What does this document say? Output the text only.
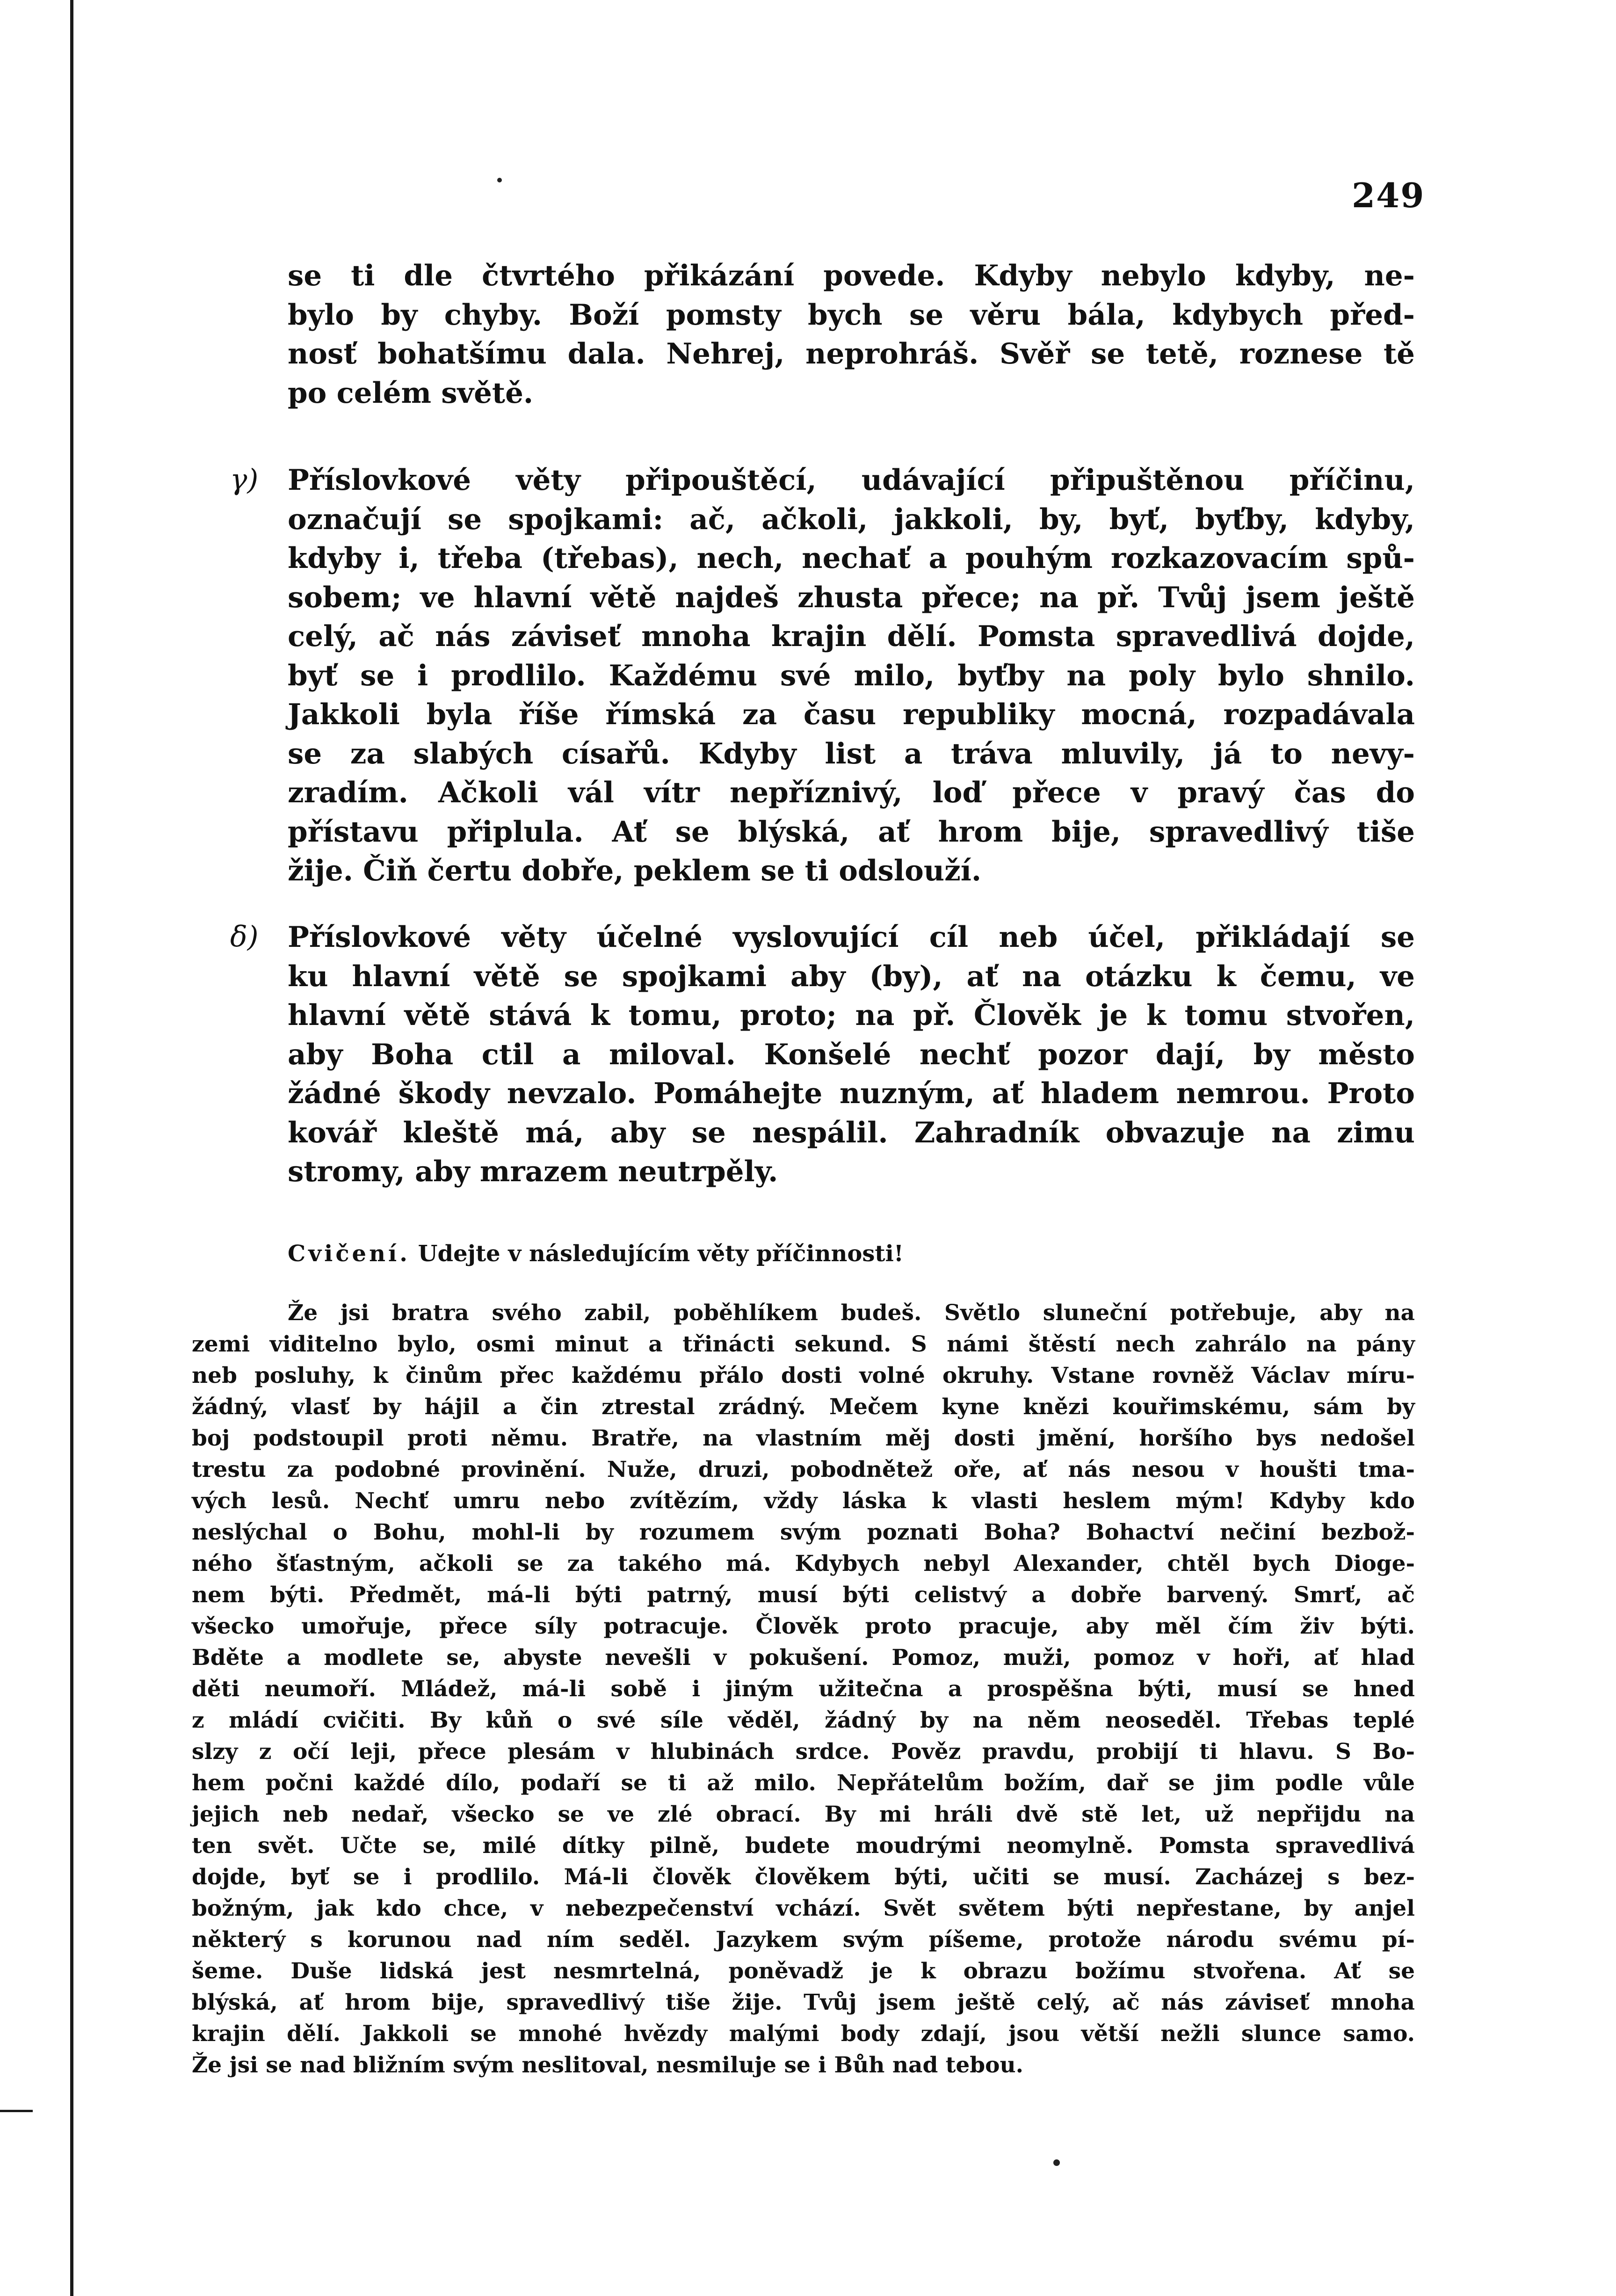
249
se ti dle čtvrtého přikázání povede. Kdyby nebylo kdyby, ne-
bylo by chyby. Boží pomsty bych se věru bála, kdybych před-
nosť bohatšímu dala. Nehrej, neprohráš. Svěř se tetě, roznese tě
po celém světě.
γ) Příslovkové věty připouštěcí, udávající připuštěnou příčinu,
označují se spojkami: ač, ačkoli, jakkoli, by, byť, byťby, kdyby,
kdyby i, třeba (třebas), nech, nechať a pouhým rozkazovacím spů-
sobem; ve hlavní větě najdeš zhusta přece; na př. Tvůj jsem ještě
celý, ač nás záviseť mnoha krajin dělí. Pomsta spravedlivá dojde,
byť se i prodlilo. Každému své milo, byťby na poly bylo shnilo.
Jakkoli byla říše římská za času republiky mocná, rozpadávala
se za slabých císařů. Kdyby list a tráva mluvily, já to nevy-
zradím. Ačkoli vál vítr nepříznivý, loď přece v pravý čas do
přístavu připlula. Ať se blýská, ať hrom bije, spravedlivý tiše
žije. Čiň čertu dobře, peklem se ti odslouží.
δ) Příslovkové věty účelné vyslovující cíl neb účel, přikládají se
ku hlavní větě se spojkami aby (by), ať na otázku k čemu, ve
hlavní větě stává k tomu, proto; na př. Člověk je k tomu stvořen,
aby Boha ctil a miloval. Konšelé nechť pozor dají, by město
žádné škody nevzalo. Pomáhejte nuzným, ať hladem nemrou. Proto
kovář kleště má, aby se nespálil. Zahradník obvazuje na zimu
stromy, aby mrazem neutrpěly.
Cvičení. Udejte v následujícím věty příčinnosti!
Že jsi bratra svého zabil, poběhlíkem budeš. Světlo sluneční potřebuje, aby na
zemi viditelno bylo, osmi minut a třinácti sekund. S námi štěstí nech zahrálo na pány
neb posluhy, k činům přec každému přálo dosti volné okruhy. Vstane rovněž Václav míru-
žádný, vlasť by hájil a čin ztrestal zrádný. Mečem kyne knězi kouřimskému, sám by
boj podstoupil proti němu. Bratře, na vlastním měj dosti jmění, horšího bys nedošel
trestu za podobné provinění. Nuže, druzi, pobodnětež oře, ať nás nesou v houšti tma-
vých lesů. Nechť umru nebo zvítězím, vždy láska k vlasti heslem mým! Kdyby kdo
neslýchal o Bohu, mohl-li by rozumem svým poznati Boha? Bohactví nečiní bezbož-
ného šťastným, ačkoli se za takého má. Kdybych nebyl Alexander, chtěl bych Dioge-
nem býti. Předmět, má-li býti patrný, musí býti celistvý a dobře barvený. Smrť, ač
všecko umořuje, přece síly potracuje. Člověk proto pracuje, aby měl čím živ býti.
Bděte a modlete se, abyste nevešli v pokušení. Pomoz, muži, pomoz v hoři, ať hlad
děti neumoří. Mládež, má-li sobě i jiným užitečna a prospěšna býti, musí se hned
z mládí cvičiti. By kůň o své síle věděl, žádný by na něm neoseděl. Třebas teplé
slzy z očí leji, přece plesám v hlubinách srdce. Pověz pravdu, probijí ti hlavu. S Bo-
hem počni každé dílo, podaří se ti až milo. Nepřátelům božím, dař se jim podle vůle
jejich neb nedař, všecko se ve zlé obrací. By mi hráli dvě stě let, už nepřijdu na
ten svět. Učte se, milé dítky pilně, budete moudrými neomylně. Pomsta spravedlivá
dojde, byť se i prodlilo. Má-li člověk člověkem býti, učiti se musí. Zacházej s bez-
božným, jak kdo chce, v nebezpečenství vchází. Svět světem býti nepřestane, by anjel
některý s korunou nad ním seděl. Jazykem svým píšeme, protože národu svému pí-
šeme. Duše lidská jest nesmrtelná, poněvadž je k obrazu božímu stvořena. Ať se
blýská, ať hrom bije, spravedlivý tiše žije. Tvůj jsem ještě celý, ač nás záviseť mnoha
krajin dělí. Jakkoli se mnohé hvězdy malými body zdají, jsou větší nežli slunce samo.
Že jsi se nad bližním svým neslitoval, nesmiluje se i Bůh nad tebou.
